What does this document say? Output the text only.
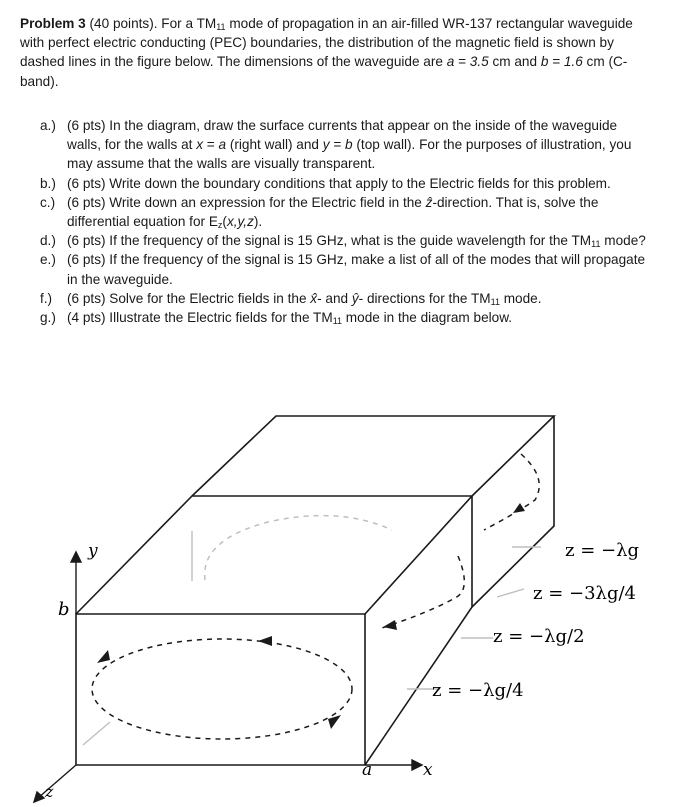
Problem 3 (40 points). For a $TM_{11}$ mode of propagation in an air-filled WR-137 rectangular waveguide with perfect electric conducting (PEC) boundaries, the distribution of the magnetic field is shown by dashed lines in the figure below. The dimensions of the waveguide are a = 3.5 cm and b = 1.6 cm (C-band).
a.) (6 pts) In the diagram, draw the surface currents that appear on the inside of the waveguide walls, for the walls at x = a (right wall) and y = b (top wall). For the purposes of illustration, you may assume that the walls are visually transparent.
b.) (6 pts) Write down the boundary conditions that apply to the Electric fields for this problem.
c.) (6 pts) Write down an expression for the Electric field in the ẑ-direction. That is, solve the differential equation for $E_z(x,y,z)$.
d.) (6 pts) If the frequency of the signal is 15 GHz, what is the guide wavelength for the $TM_{11}$ mode?
e.) (6 pts) If the frequency of the signal is 15 GHz, make a list of all of the modes that will propagate in the waveguide.
f.)	(6 pts) Solve for the Electric fields in the x̂- and ŷ- directions for the $TM_{11}$ mode.
g.) (4 pts) Illustrate the Electric fields for the $TM_{11}$ mode in the diagram below.
y
x
z
b
a
z = −λg
z = −3λg/4
z = −λg/2
z = −λg/4
